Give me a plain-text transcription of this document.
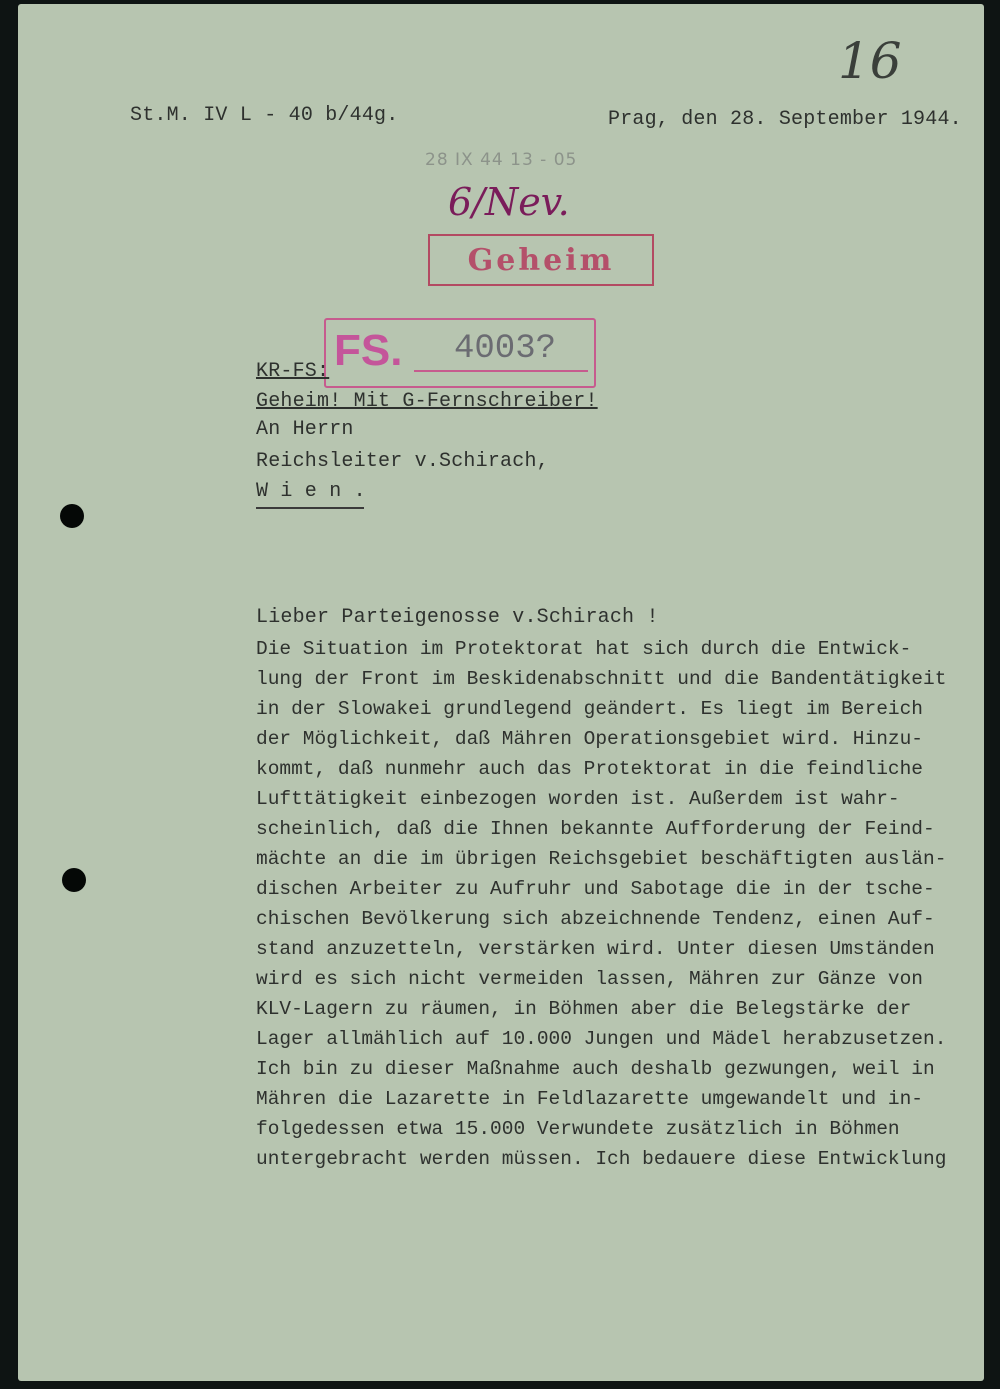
16
St.M. IV L - 40 b/44g.	Prag, den 28. September 1944.
28 IX 44 13 - 05
6/Nev.
Geheim
FS. 4003?
KR-FS:
Geheim! Mit G-Fernschreiber!
An Herrn
Reichsleiter v.Schirach,
W i e n .
Lieber Parteigenosse v.Schirach !
Die Situation im Protektorat hat sich durch die Entwick-
lung der Front im Beskidenabschnitt und die Bandentätigkeit
in der Slowakei grundlegend geändert. Es liegt im Bereich
der Möglichkeit, daß Mähren Operationsgebiet wird. Hinzu-
kommt, daß nunmehr auch das Protektorat in die feindliche
Lufttätigkeit einbezogen worden ist. Außerdem ist wahr-
scheinlich, daß die Ihnen bekannte Aufforderung der Feind-
mächte an die im übrigen Reichsgebiet beschäftigten auslän-
dischen Arbeiter zu Aufruhr und Sabotage die in der tsche-
chischen Bevölkerung sich abzeichnende Tendenz, einen Auf-
stand anzuzetteln, verstärken wird. Unter diesen Umständen
wird es sich nicht vermeiden lassen, Mähren zur Gänze von
KLV-Lagern zu räumen, in Böhmen aber die Belegstärke der
Lager allmählich auf 10.000 Jungen und Mädel herabzusetzen.
Ich bin zu dieser Maßnahme auch deshalb gezwungen, weil in
Mähren die Lazarette in Feldlazarette umgewandelt und in-
folgedessen etwa 15.000 Verwundete zusätzlich in Böhmen
untergebracht werden müssen. Ich bedauere diese Entwicklung
